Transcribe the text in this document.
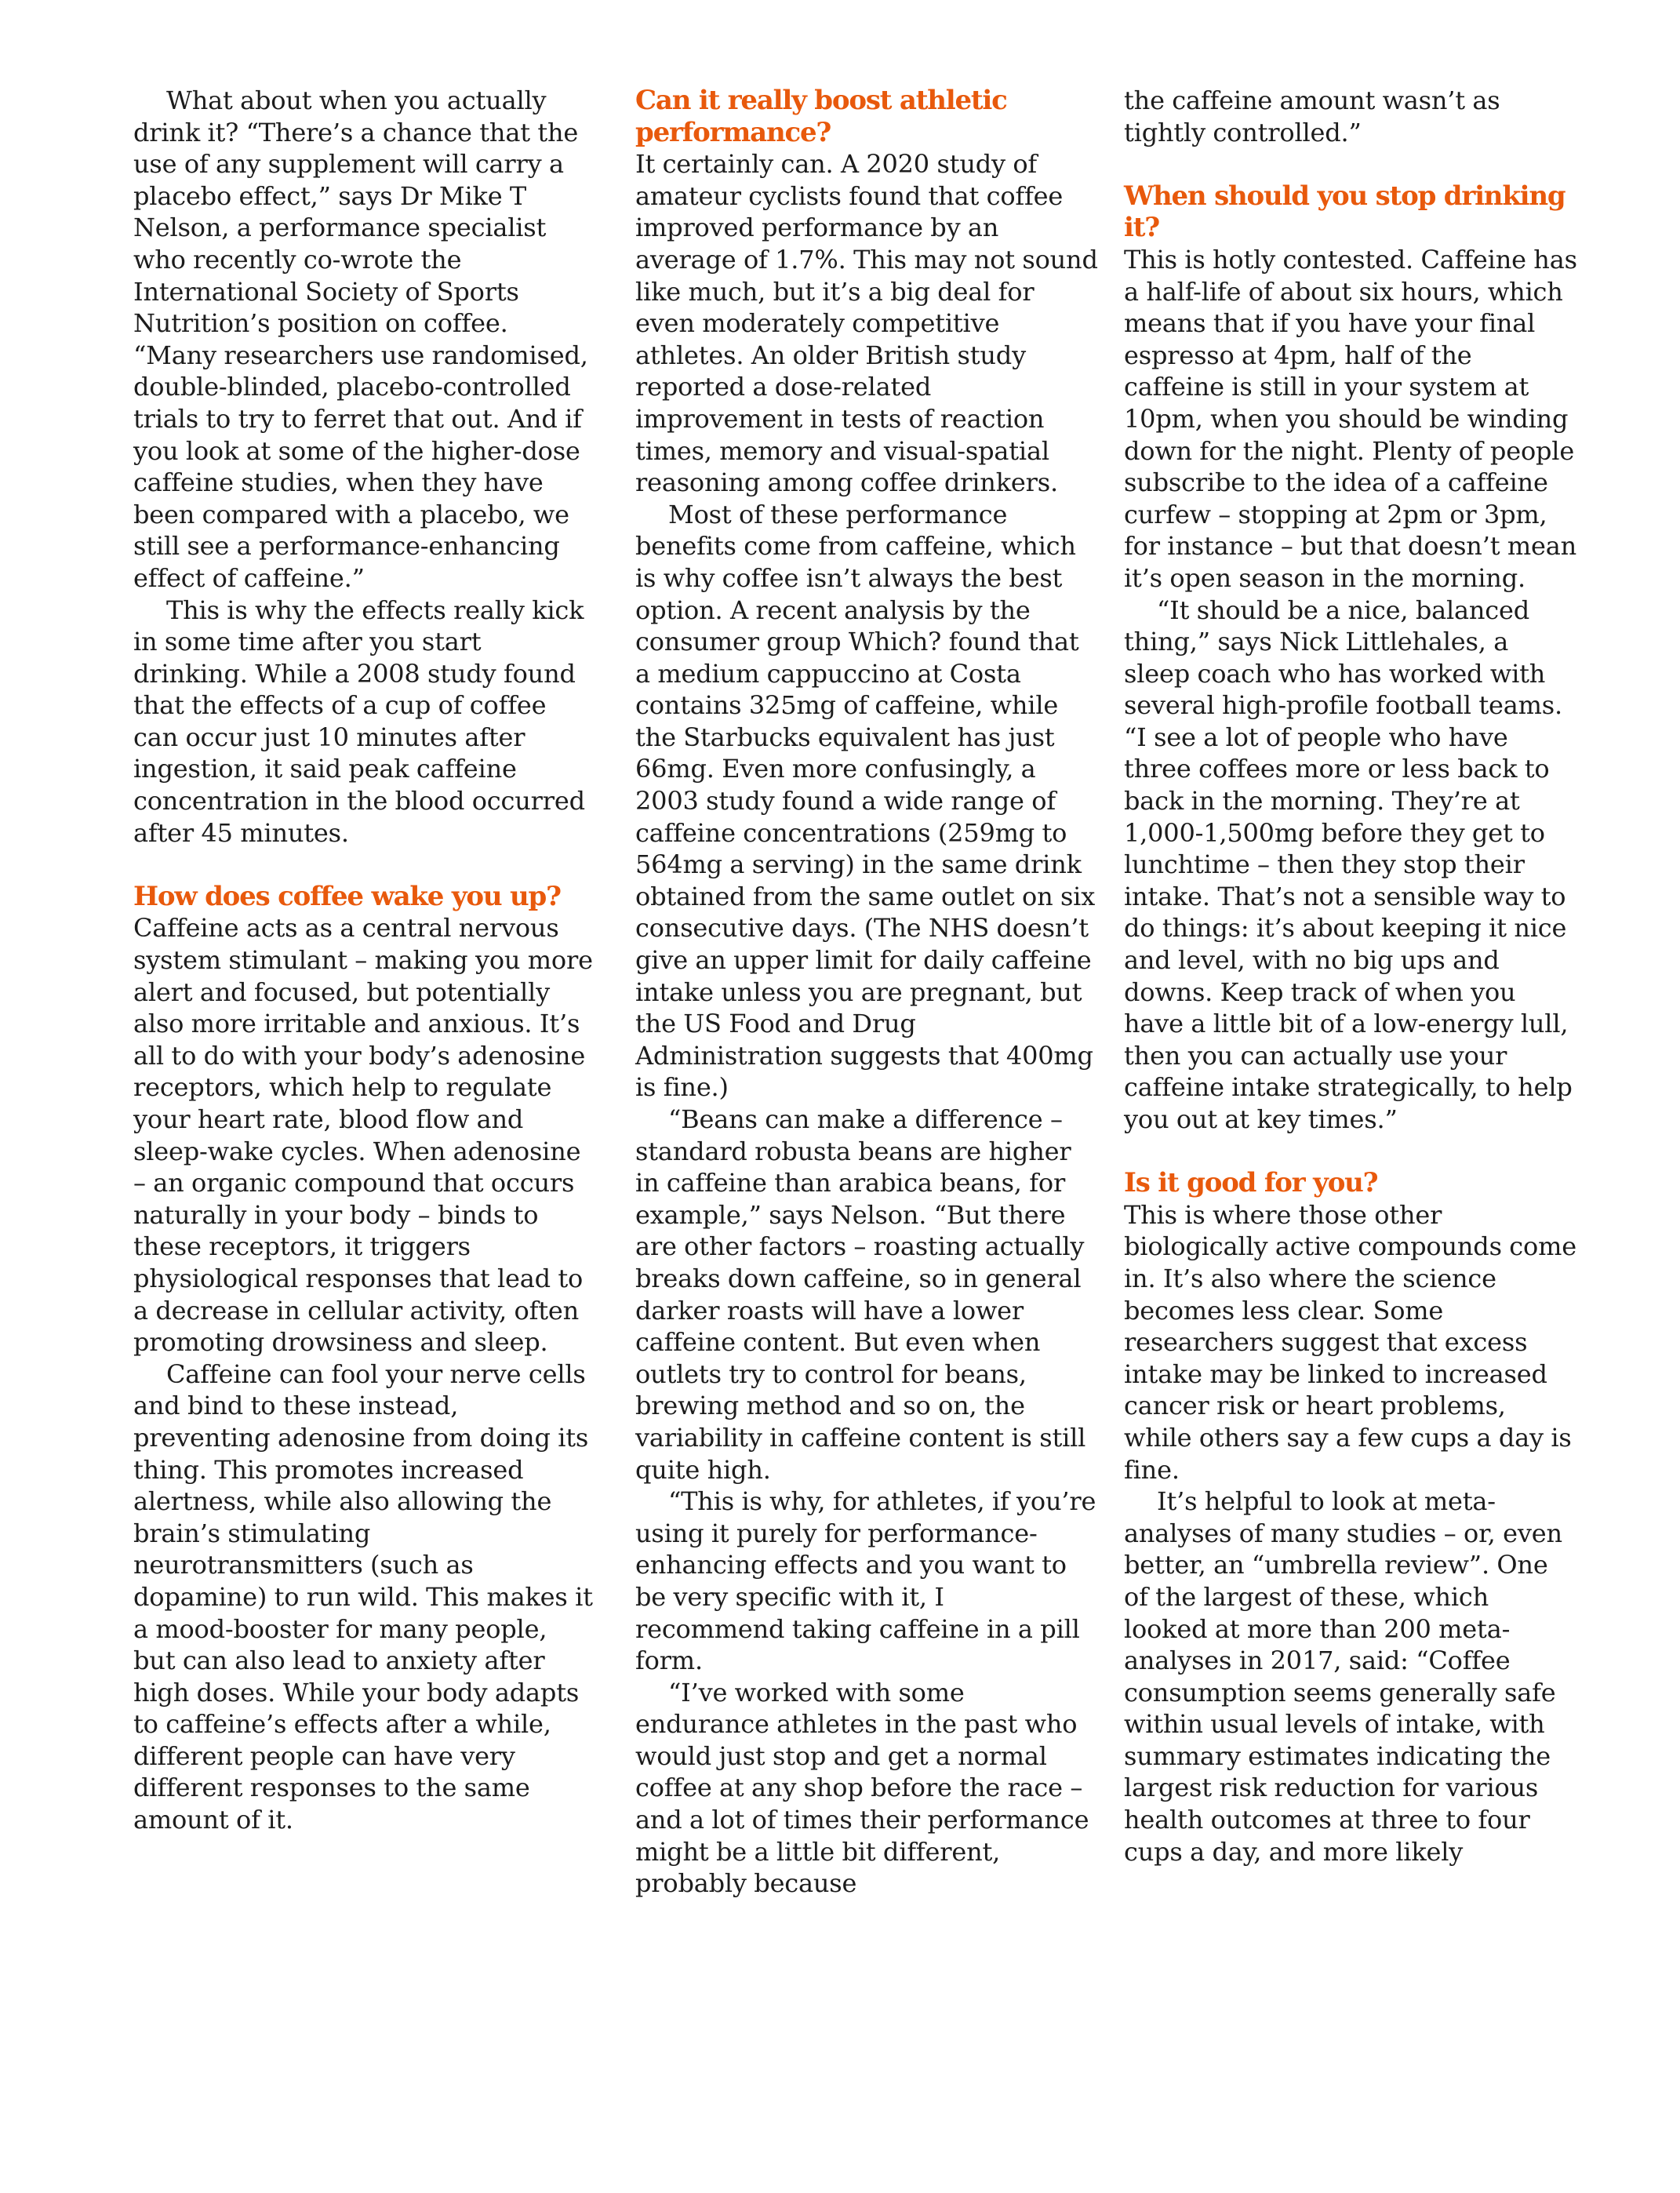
What about when you actually drink it? “There’s a chance that the use of any supplement will carry a placebo effect,” says Dr Mike T Nelson, a performance specialist who recently co-wrote the International Society of Sports Nutrition’s position on coffee. “Many researchers use randomised, double-blinded, placebo-controlled trials to try to ferret that out. And if you look at some of the higher-dose caffeine studies, when they have been compared with a placebo, we still see a performance-enhancing effect of caffeine.”

This is why the effects really kick in some time after you start drinking. While a 2008 study found that the effects of a cup of coffee can occur just 10 minutes after ingestion, it said peak caffeine concentration in the blood occurred after 45 minutes.

How does coffee wake you up?

Caffeine acts as a central nervous system stimulant – making you more alert and focused, but potentially also more irritable and anxious. It’s all to do with your body’s adenosine receptors, which help to regulate your heart rate, blood flow and sleep-wake cycles. When adenosine – an organic compound that occurs naturally in your body – binds to these receptors, it triggers physiological responses that lead to a decrease in cellular activity, often promoting drowsiness and sleep.

Caffeine can fool your nerve cells and bind to these instead, preventing adenosine from doing its thing. This promotes increased alertness, while also allowing the brain’s stimulating neurotransmitters (such as dopamine) to run wild. This makes it a mood-booster for many people, but can also lead to anxiety after high doses. While your body adapts to caffeine’s effects after a while, different people can have very different responses to the same amount of it.

Can it really boost athletic performance?

It certainly can. A 2020 study of amateur cyclists found that coffee improved performance by an average of 1.7%. This may not sound like much, but it’s a big deal for even moderately competitive athletes. An older British study reported a dose-related improvement in tests of reaction times, memory and visual-spatial reasoning among coffee drinkers.

Most of these performance benefits come from caffeine, which is why coffee isn’t always the best option. A recent analysis by the consumer group Which? found that a medium cappuccino at Costa contains 325mg of caffeine, while the Starbucks equivalent has just 66mg. Even more confusingly, a 2003 study found a wide range of caffeine concentrations (259mg to 564mg a serving) in the same drink obtained from the same outlet on six consecutive days. (The NHS doesn’t give an upper limit for daily caffeine intake unless you are pregnant, but the US Food and Drug Administration suggests that 400mg is fine.)

“Beans can make a difference – standard robusta beans are higher in caffeine than arabica beans, for example,” says Nelson. “But there are other factors – roasting actually breaks down caffeine, so in general darker roasts will have a lower caffeine content. But even when outlets try to control for beans, brewing method and so on, the variability in caffeine content is still quite high.

“This is why, for athletes, if you’re using it purely for performance-enhancing effects and you want to be very specific with it, I recommend taking caffeine in a pill form.

“I’ve worked with some endurance athletes in the past who would just stop and get a normal coffee at any shop before the race – and a lot of times their performance might be a little bit different, probably because

the caffeine amount wasn’t as tightly controlled.”

When should you stop drinking it?

This is hotly contested. Caffeine has a half-life of about six hours, which means that if you have your final espresso at 4pm, half of the caffeine is still in your system at 10pm, when you should be winding down for the night. Plenty of people subscribe to the idea of a caffeine curfew – stopping at 2pm or 3pm, for instance – but that doesn’t mean it’s open season in the morning.

“It should be a nice, balanced thing,” says Nick Littlehales, a sleep coach who has worked with several high-profile football teams. “I see a lot of people who have three coffees more or less back to back in the morning. They’re at 1,000-1,500mg before they get to lunchtime – then they stop their intake. That’s not a sensible way to do things: it’s about keeping it nice and level, with no big ups and downs. Keep track of when you have a little bit of a low-energy lull, then you can actually use your caffeine intake strategically, to help you out at key times.”

Is it good for you?

This is where those other biologically active compounds come in. It’s also where the science becomes less clear. Some researchers suggest that excess intake may be linked to increased cancer risk or heart problems, while others say a few cups a day is fine.

It’s helpful to look at meta-analyses of many studies – or, even better, an “umbrella review”. One of the largest of these, which looked at more than 200 meta-analyses in 2017, said: “Coffee consumption seems generally safe within usual levels of intake, with summary estimates indicating the largest risk reduction for various health outcomes at three to four cups a day, and more likely
